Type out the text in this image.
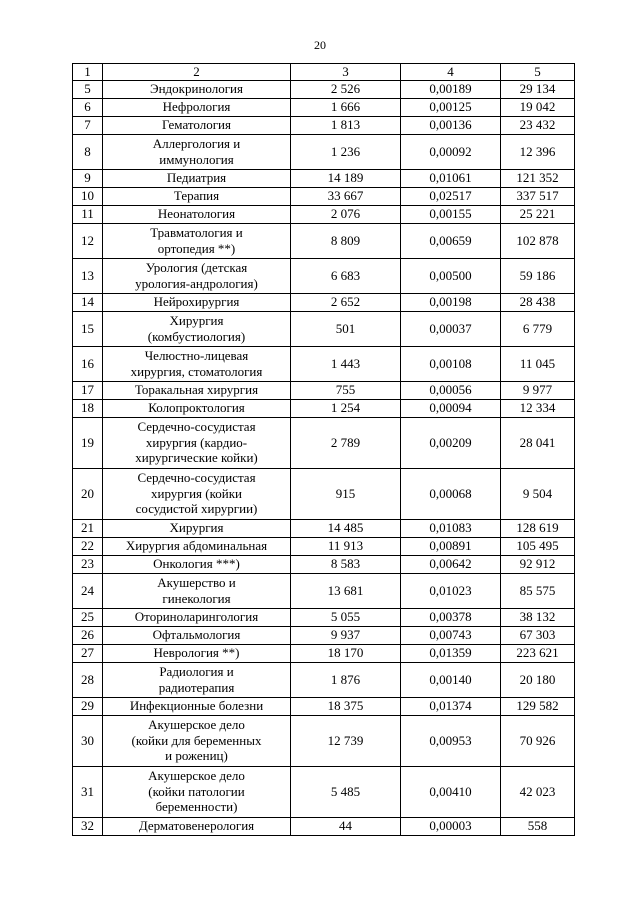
20
1	2	3	4	5
5	Эндокринология	2 526	0,00189	29 134
6	Нефрология	1 666	0,00125	19 042
7	Гематология	1 813	0,00136	23 432
8	Аллергология и
иммунология	1 236	0,00092	12 396
9	Педиатрия	14 189	0,01061	121 352
10	Терапия	33 667	0,02517	337 517
11	Неонатология	2 076	0,00155	25 221
12	Травматология и
ортопедия **)	8 809	0,00659	102 878
13	Урология (детская
урология-андрология)	6 683	0,00500	59 186
14	Нейрохирургия	2 652	0,00198	28 438
15	Хирургия
(комбустиология)	501	0,00037	6 779
16	Челюстно-лицевая
хирургия, стоматология	1 443	0,00108	11 045
17	Торакальная хирургия	755	0,00056	9 977
18	Колопроктология	1 254	0,00094	12 334
19	Сердечно-сосудистая
хирургия (кардио-
хирургические койки)	2 789	0,00209	28 041
20	Сердечно-сосудистая
хирургия (койки
сосудистой хирургии)	915	0,00068	9 504
21	Хирургия	14 485	0,01083	128 619
22	Хирургия абдоминальная	11 913	0,00891	105 495
23	Онкология ***)	8 583	0,00642	92 912
24	Акушерство и
гинекология	13 681	0,01023	85 575
25	Оториноларингология	5 055	0,00378	38 132
26	Офтальмология	9 937	0,00743	67 303
27	Неврология **)	18 170	0,01359	223 621
28	Радиология и
радиотерапия	1 876	0,00140	20 180
29	Инфекционные болезни	18 375	0,01374	129 582
30	Акушерское дело
(койки для беременных
и рожениц)	12 739	0,00953	70 926
31	Акушерское дело
(койки патологии
беременности)	5 485	0,00410	42 023
32	Дерматовенерология	44	0,00003	558
